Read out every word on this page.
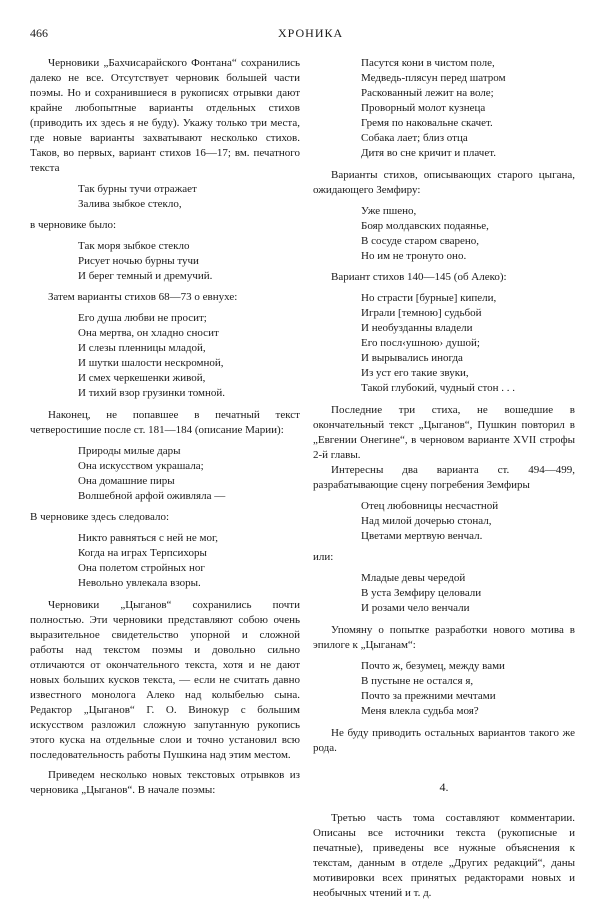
466	ХРОНИКА

Черновики „Бахчисарайского Фонтана“ сохранились далеко не все. Отсутствует черновик большей части поэмы. Но и сохранившиеся в рукописях отрывки дают крайне любопытные варианты отдельных стихов (приводить их здесь я не буду). Укажу только три места, где новые варианты захватывают несколько стихов. Таков, во первых, вариант стихов 16—17; вм. печатного текста

Так бурны тучи отражает
Залива зыбкое стекло,
в черновике было:
Так моря зыбкое стекло
Рисует ночью бурны тучи
И берег темный и дремучий.

Затем варианты стихов 68—73 о евнухе:

Его душа любви не просит;
Она мертва, он хладно сносит
И слезы пленницы младой,
И шутки шалости нескромной,
И смех черкешенки живой,
И тихий взор грузинки томной.

Наконец, не попавшее в печатный текст четверостишие после ст. 181—184 (описание Марии):

Природы милые дары
Она искусством украшала;
Она домашние пиры
Волшебной арфой оживляла —
В черновике здесь следовало:
Никто равняться с ней не мог,
Когда на играх Терпсихоры
Она полетом стройных ног
Невольно увлекала взоры.

Черновики „Цыганов“ сохранились почти полностью. Эти черновики представляют собою очень выразительное свидетельство упорной и сложной работы над текстом поэмы и довольно сильно отличаются от окончательного текста, хотя и не дают новых больших кусков текста, — если не считать давно известного монолога Алеко над колыбелью сына. Редактор „Цыганов“ Г. О. Винокур с большим искусством разложил сложную запутанную рукопись этого куска на отдельные слои и точно установил всю последовательность работы Пушкина над этим местом.

Приведем несколько новых текстовых отрывков из черновика „Цыганов“. В начале поэмы:

Пасутся кони в чистом поле,
Медведь-плясун перед шатром
Раскованный лежит на воле;
Проворный молот кузнеца
Гремя по наковальне скачет.
Собака лает; близ отца
Дитя во сне кричит и плачет.

Варианты стихов, описывающих старого цыгана, ожидающего Земфиру:

Уже пшено,
Бояр молдавских подаянье,
В сосуде старом сварено,
Но им не тронуто оно.

Вариант стихов 140—145 (об Алеко):

Но страсти [бурные] кипели,
Играли [темною] судьбой
И необузданны владели
Его посл‹ушною› душой;
И вырывались иногда
Из уст его такие звуки,
Такой глубокий, чудный стон . . .

Последние три стиха, не вошедшие в окончательный текст „Цыганов“, Пушкин повторил в „Евгении Онегине“, в черновом варианте XVII строфы 2-й главы.

Интересны два варианта ст. 494—499, разрабатывающие сцену погребения Земфиры

Отец любовницы несчастной
Над милой дочерью стонал,
Цветами мертвую венчал.
или:
Младые девы чередой
В уста Земфиру целовали
И розами чело венчали

Упомяну о попытке разработки нового мотива в эпилоге к „Цыганам“:

Почто ж, безумец, между вами
В пустыне не остался я,
Почто за прежними мечтами
Меня влекла судьба моя?

Не буду приводить остальных вариантов такого же рода.

4.

Третью часть тома составляют комментарии. Описаны все источники текста (рукописные и печатные), приведены все нужные объяснения к текстам, данным в отделе „Других редакций“, даны мотивировки всех принятых редакторами новых и необычных чтений и т. д.
